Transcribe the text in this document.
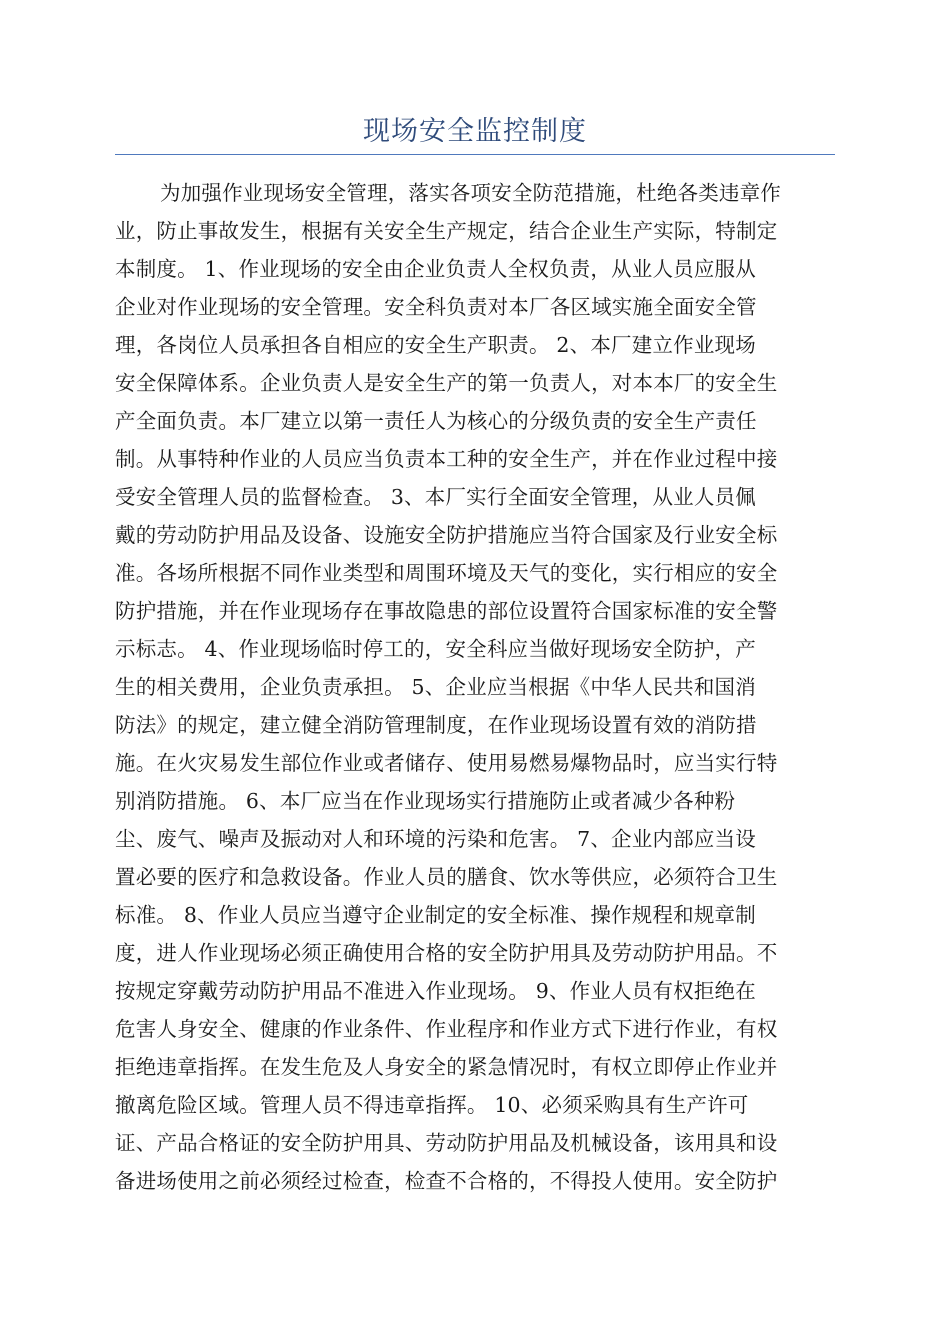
现场安全监控制度
为加强作业现场安全管理，落实各项安全防范措施，杜绝各类违章作
业，防止事故发生，根据有关安全生产规定，结合企业生产实际，特制定
本制度。 1、作业现场的安全由企业负责人全权负责，从业人员应服从
企业对作业现场的安全管理。安全科负责对本厂各区域实施全面安全管
理，各岗位人员承担各自相应的安全生产职责。 2、本厂建立作业现场
安全保障体系。企业负责人是安全生产的第一负责人，对本本厂的安全生
产全面负责。本厂建立以第一责任人为核心的分级负责的安全生产责任
制。从事特种作业的人员应当负责本工种的安全生产，并在作业过程中接
受安全管理人员的监督检查。 3、本厂实行全面安全管理，从业人员佩
戴的劳动防护用品及设备、设施安全防护措施应当符合国家及行业安全标
准。各场所根据不同作业类型和周围环境及天气的变化，实行相应的安全
防护措施，并在作业现场存在事故隐患的部位设置符合国家标准的安全警
示标志。 4、作业现场临时停工的，安全科应当做好现场安全防护，产
生的相关费用，企业负责承担。 5、企业应当根据《中华人民共和国消
防法》的规定，建立健全消防管理制度，在作业现场设置有效的消防措
施。在火灾易发生部位作业或者储存、使用易燃易爆物品时，应当实行特
别消防措施。 6、本厂应当在作业现场实行措施防止或者减少各种粉
尘、废气、噪声及振动对人和环境的污染和危害。 7、企业内部应当设
置必要的医疗和急救设备。作业人员的膳食、饮水等供应，必须符合卫生
标准。 8、作业人员应当遵守企业制定的安全标准、操作规程和规章制
度，进人作业现场必须正确使用合格的安全防护用具及劳动防护用品。不
按规定穿戴劳动防护用品不准进入作业现场。 9、作业人员有权拒绝在
危害人身安全、健康的作业条件、作业程序和作业方式下进行作业，有权
拒绝违章指挥。在发生危及人身安全的紧急情况时，有权立即停止作业并
撤离危险区域。管理人员不得违章指挥。 10、必须采购具有生产许可
证、产品合格证的安全防护用具、劳动防护用品及机械设备，该用具和设
备进场使用之前必须经过检查，检查不合格的，不得投人使用。安全防护
